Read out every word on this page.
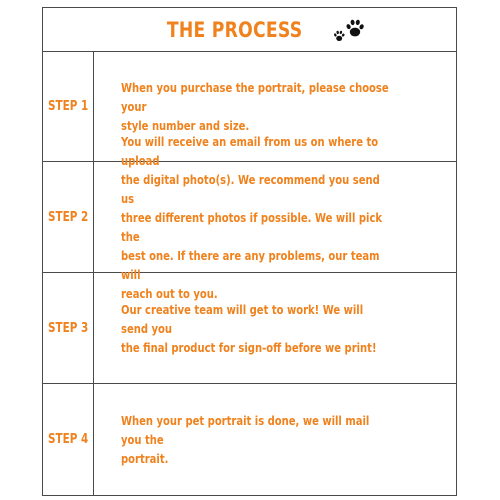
THE PROCESS
STEP 1
When you purchase the portrait, please choose your
style number and size.
STEP 2
You will receive an email from us on where to upload
the digital photo(s). We recommend you send us
three different photos if possible. We will pick the
best one. If there are any problems, our team will
reach out to you.
STEP 3
Our creative team will get to work! We will send you
the final product for sign-off before we print!
STEP 4
When your pet portrait is done, we will mail you the
portrait.
